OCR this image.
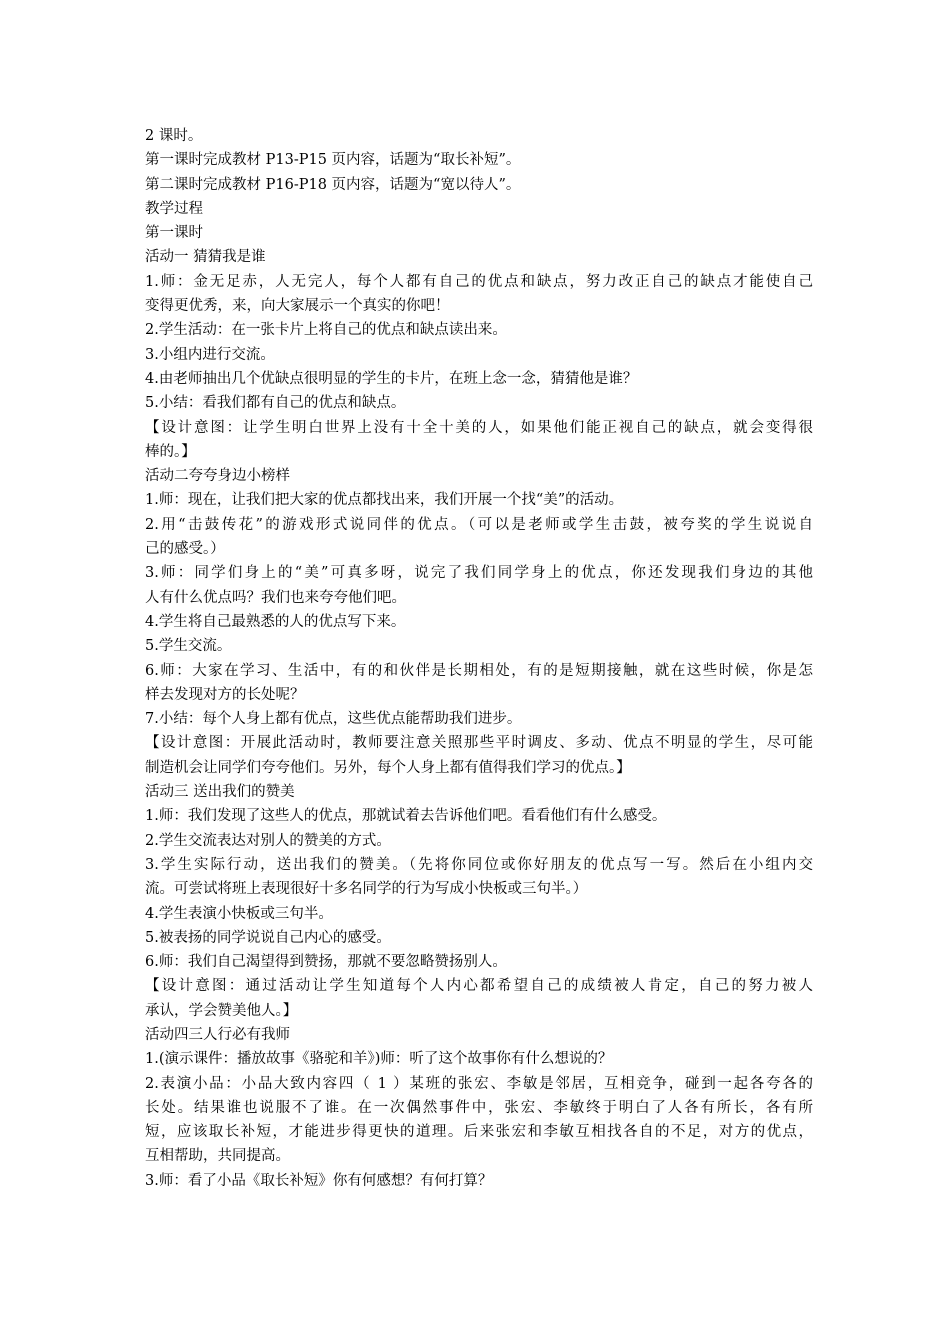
2 课时。
第一课时完成教材 P13-P15 页内容，话题为“取长补短”。
第二课时完成教材 P16-P18 页内容，话题为“宽以待人”。
教学过程
第一课时
活动一 猜猜我是谁
1.师：金无足赤，人无完人，每个人都有自己的优点和缺点，努力改正自己的缺点才能使自己
变得更优秀，来，向大家展示一个真实的你吧！
2.学生活动：在一张卡片上将自己的优点和缺点读出来。
3.小组内进行交流。
4.由老师抽出几个优缺点很明显的学生的卡片，在班上念一念，猜猜他是谁？
5.小结：看我们都有自己的优点和缺点。
【设计意图：让学生明白世界上没有十全十美的人，如果他们能正视自己的缺点，就会变得很
棒的。】
活动二夸夸身边小榜样
1.师：现在，让我们把大家的优点都找出来，我们开展一个找“美”的活动。
2.用“击鼓传花”的游戏形式说同伴的优点。（可以是老师或学生击鼓，被夸奖的学生说说自
己的感受。）
3.师：同学们身上的“美”可真多呀，说完了我们同学身上的优点，你还发现我们身边的其他
人有什么优点吗？我们也来夸夸他们吧。
4.学生将自己最熟悉的人的优点写下来。
5.学生交流。
6.师：大家在学习、生活中，有的和伙伴是长期相处，有的是短期接触，就在这些时候，你是怎
样去发现对方的长处呢？
7.小结：每个人身上都有优点，这些优点能帮助我们进步。
【设计意图：开展此活动时，教师要注意关照那些平时调皮、多动、优点不明显的学生，尽可能
制造机会让同学们夸夸他们。另外，每个人身上都有值得我们学习的优点。】
活动三 送出我们的赞美
1.师：我们发现了这些人的优点，那就试着去告诉他们吧。看看他们有什么感受。
2.学生交流表达对别人的赞美的方式。
3.学生实际行动，送出我们的赞美。（先将你同位或你好朋友的优点写一写。然后在小组内交
流。可尝试将班上表现很好十多名同学的行为写成小快板或三句半。）
4.学生表演小快板或三句半。
5.被表扬的同学说说自己内心的感受。
6.师：我们自己渴望得到赞扬，那就不要忽略赞扬别人。
【设计意图：通过活动让学生知道每个人内心都希望自己的成绩被人肯定，自己的努力被人
承认，学会赞美他人。】
活动四三人行必有我师
1.(演示课件：播放故事《骆驼和羊》)师：听了这个故事你有什么想说的？
2.表演小品：小品大致内容四（ 1 ）某班的张宏、李敏是邻居，互相竞争，碰到一起各夸各的
长处。结果谁也说服不了谁。在一次偶然事件中，张宏、李敏终于明白了人各有所长，各有所
短，应该取长补短，才能进步得更快的道理。后来张宏和李敏互相找各自的不足，对方的优点，
互相帮助，共同提高。
3.师：看了小品《取长补短》你有何感想？有何打算？
